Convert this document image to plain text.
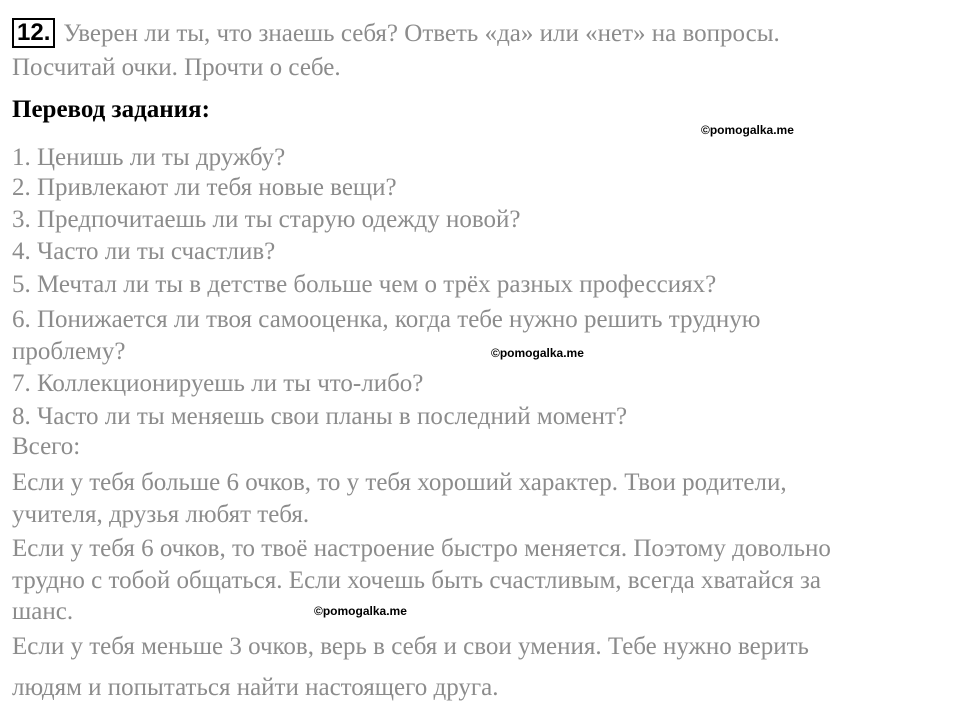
12. Уверен ли ты, что знаешь себя? Ответь «да» или «нет» на вопросы.
Посчитай очки. Прочти о себе.
Перевод задания:
©pomogalka.me
1. Ценишь ли ты дружбу?
2. Привлекают ли тебя новые вещи?
3. Предпочитаешь ли ты старую одежду новой?
4. Часто ли ты счастлив?
5. Мечтал ли ты в детстве больше чем о трёх разных профессиях?
6. Понижается ли твоя самооценка, когда тебе нужно решить трудную
проблему?	©pomogalka.me
7. Коллекционируешь ли ты что-либо?
8. Часто ли ты меняешь свои планы в последний момент?
Всего:
Если у тебя больше 6 очков, то у тебя хороший характер. Твои родители,
учителя, друзья любят тебя.
Если у тебя 6 очков, то твоё настроение быстро меняется. Поэтому довольно
трудно с тобой общаться. Если хочешь быть счастливым, всегда хватайся за
шанс.	©pomogalka.me
Если у тебя меньше 3 очков, верь в себя и свои умения. Тебе нужно верить
людям и попытаться найти настоящего друга.
